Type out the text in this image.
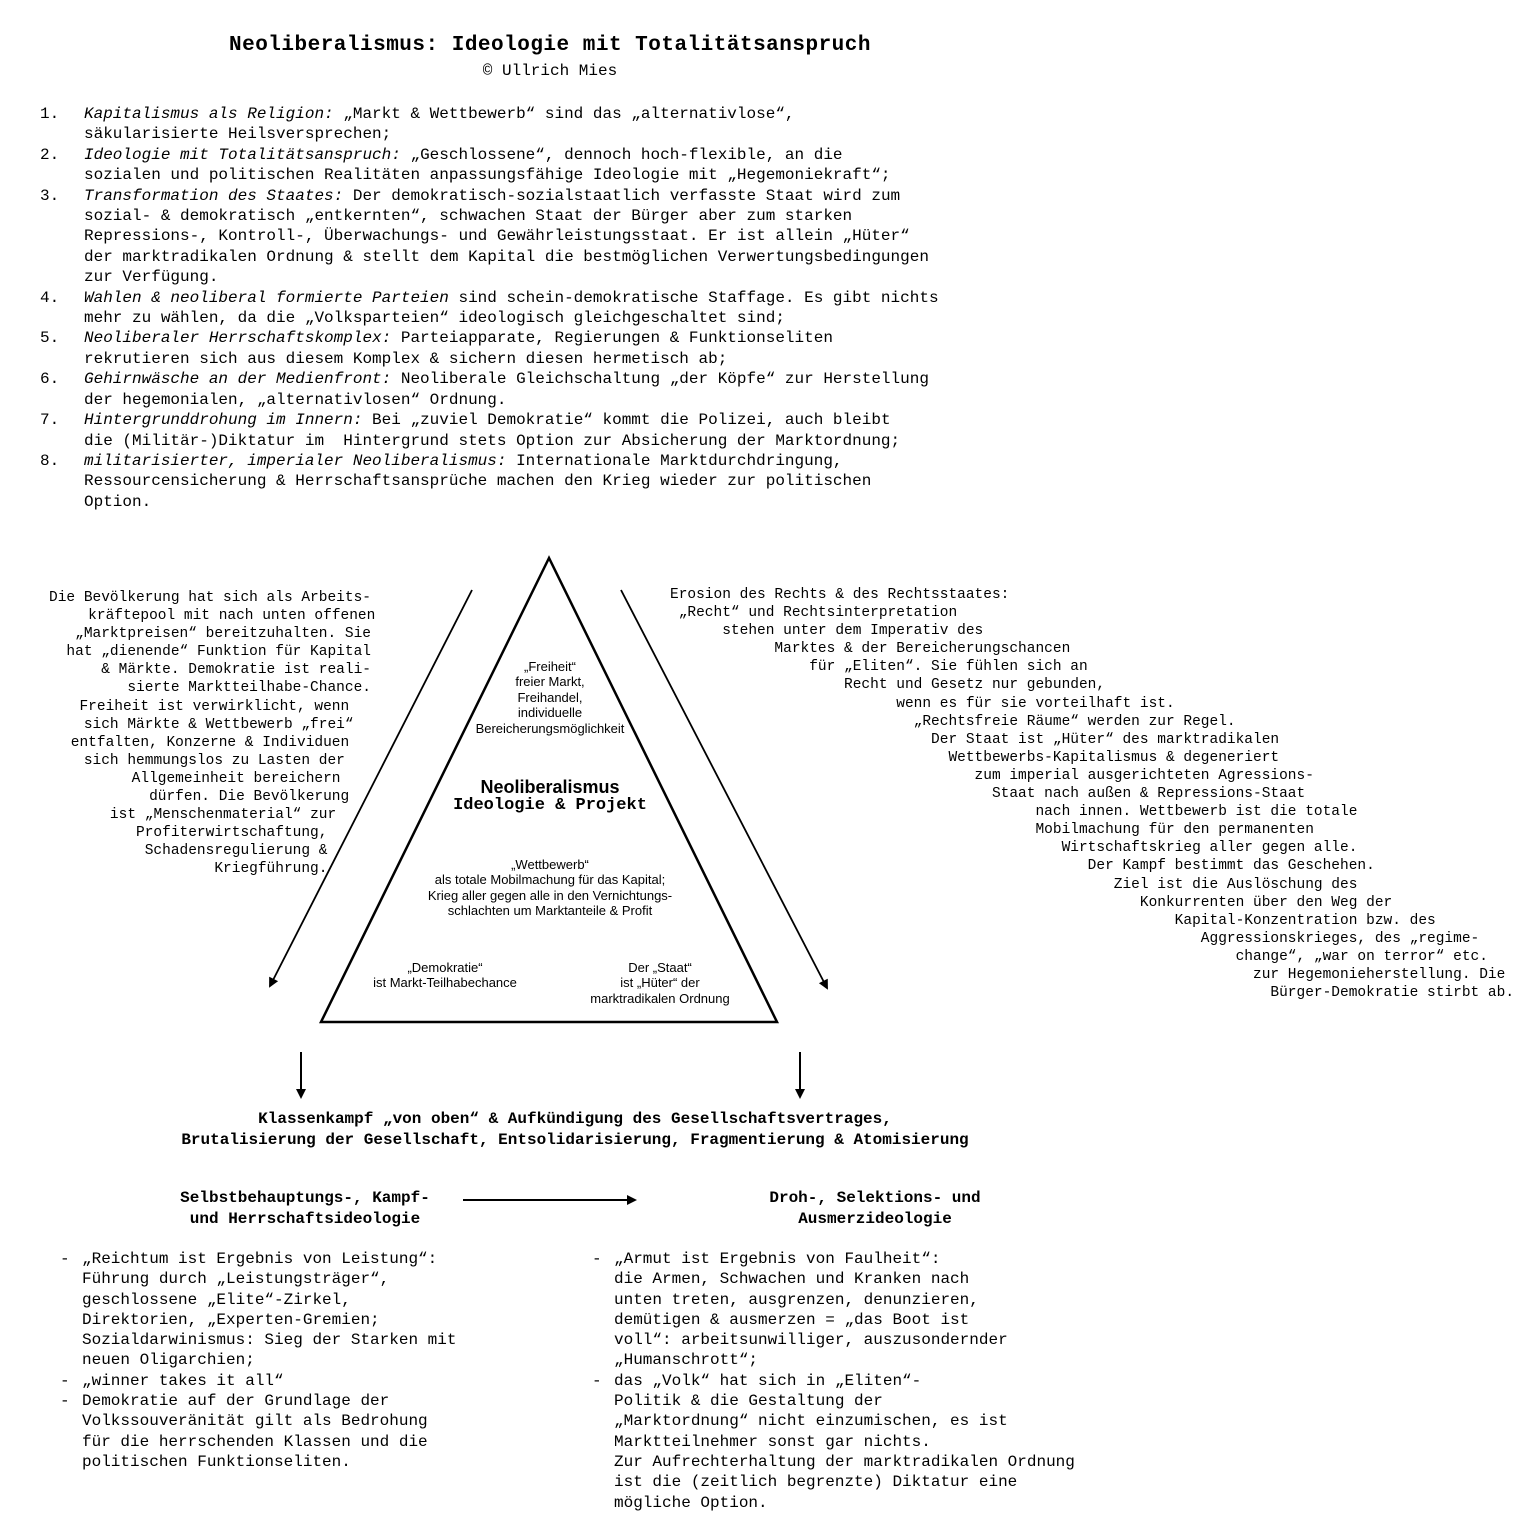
Neoliberalismus: Ideologie mit Totalitätsanspruch
© Ullrich Mies
1. Kapitalismus als Religion: „Markt & Wettbewerb“ sind das „alternativlose“,
säkularisierte Heilsversprechen;
2. Ideologie mit Totalitätsanspruch: „Geschlossene“, dennoch hoch-flexible, an die
sozialen und politischen Realitäten anpassungsfähige Ideologie mit „Hegemoniekraft“;
3. Transformation des Staates: Der demokratisch-sozialstaatlich verfasste Staat wird zum
sozial- & demokratisch „entkernten“, schwachen Staat der Bürger aber zum starken
Repressions-, Kontroll-, Überwachungs- und Gewährleistungsstaat. Er ist allein „Hüter“
der marktradikalen Ordnung & stellt dem Kapital die bestmöglichen Verwertungsbedingungen
zur Verfügung.
4. Wahlen & neoliberal formierte Parteien sind schein-demokratische Staffage. Es gibt nichts
mehr zu wählen, da die „Volksparteien“ ideologisch gleichgeschaltet sind;
5. Neoliberaler Herrschaftskomplex: Parteiapparate, Regierungen & Funktionseliten
rekrutieren sich aus diesem Komplex & sichern diesen hermetisch ab;
6. Gehirnwäsche an der Medienfront: Neoliberale Gleichschaltung „der Köpfe“ zur Herstellung
der hegemonialen, „alternativlosen“ Ordnung.
7. Hintergrunddrohung im Innern: Bei „zuviel Demokratie“ kommt die Polizei, auch bleibt
die (Militär-)Diktatur im  Hintergrund stets Option zur Absicherung der Marktordnung;
8. militarisierter, imperialer Neoliberalismus: Internationale Marktdurchdringung,
Ressourcensicherung & Herrschaftsansprüche machen den Krieg wieder zur politischen
Option.
Die Bevölkerung hat sich als Arbeits-
kräftepool mit nach unten offenen
„Marktpreisen“ bereitzuhalten. Sie
hat „dienende“ Funktion für Kapital
& Märkte. Demokratie ist reali-
sierte Marktteilhabe-Chance.
Freiheit ist verwirklicht, wenn
sich Märkte & Wettbewerb „frei“
entfalten, Konzerne & Individuen
sich hemmungslos zu Lasten der
Allgemeinheit bereichern
dürfen. Die Bevölkerung
ist „Menschenmaterial“ zur
Profiterwirtschaftung,
Schadensregulierung &
Kriegführung.
Erosion des Rechts & des Rechtsstaates:
„Recht“ und Rechtsinterpretation
stehen unter dem Imperativ des
Marktes & der Bereicherungschancen
für „Eliten“. Sie fühlen sich an
Recht und Gesetz nur gebunden,
wenn es für sie vorteilhaft ist.
„Rechtsfreie Räume“ werden zur Regel.
Der Staat ist „Hüter“ des marktradikalen
Wettbewerbs-Kapitalismus & degeneriert
zum imperial ausgerichteten Agressions-
Staat nach außen & Repressions-Staat
nach innen. Wettbewerb ist die totale
Mobilmachung für den permanenten
Wirtschaftskrieg aller gegen alle.
Der Kampf bestimmt das Geschehen.
Ziel ist die Auslöschung des
Konkurrenten über den Weg der
Kapital-Konzentration bzw. des
Aggressionskrieges, des „regime-
change“, „war on terror“ etc.
zur Hegemonieherstellung. Die
Bürger-Demokratie stirbt ab.
„Freiheit“
freier Markt,
Freihandel,
individuelle
Bereicherungsmöglichkeit
Neoliberalismus
Ideologie & Projekt
„Wettbewerb“
als totale Mobilmachung für das Kapital;
Krieg aller gegen alle in den Vernichtungs-
schlachten um Marktanteile & Profit
„Demokratie“
ist Markt-Teilhabechance
Der „Staat“
ist „Hüter“ der
marktradikalen Ordnung
Klassenkampf „von oben“ & Aufkündigung des Gesellschaftsvertrages,
Brutalisierung der Gesellschaft, Entsolidarisierung, Fragmentierung & Atomisierung
Selbstbehauptungs-, Kampf-
und Herrschaftsideologie
Droh-, Selektions- und
Ausmerzideologie
- „Reichtum ist Ergebnis von Leistung“:
Führung durch „Leistungsträger“,
geschlossene „Elite“-Zirkel,
Direktorien, „Experten-Gremien;
Sozialdarwinismus: Sieg der Starken mit
neuen Oligarchien;
- „winner takes it all“
- Demokratie auf der Grundlage der
Volkssouveränität gilt als Bedrohung
für die herrschenden Klassen und die
politischen Funktionseliten.
- „Armut ist Ergebnis von Faulheit“:
die Armen, Schwachen und Kranken nach
unten treten, ausgrenzen, denunzieren,
demütigen & ausmerzen = „das Boot ist
voll“: arbeitsunwilliger, auszusondernder
„Humanschrott“;
- das „Volk“ hat sich in „Eliten“-
Politik & die Gestaltung der
„Marktordnung“ nicht einzumischen, es ist
Marktteilnehmer sonst gar nichts.
Zur Aufrechterhaltung der marktradikalen Ordnung
ist die (zeitlich begrenzte) Diktatur eine
mögliche Option.
